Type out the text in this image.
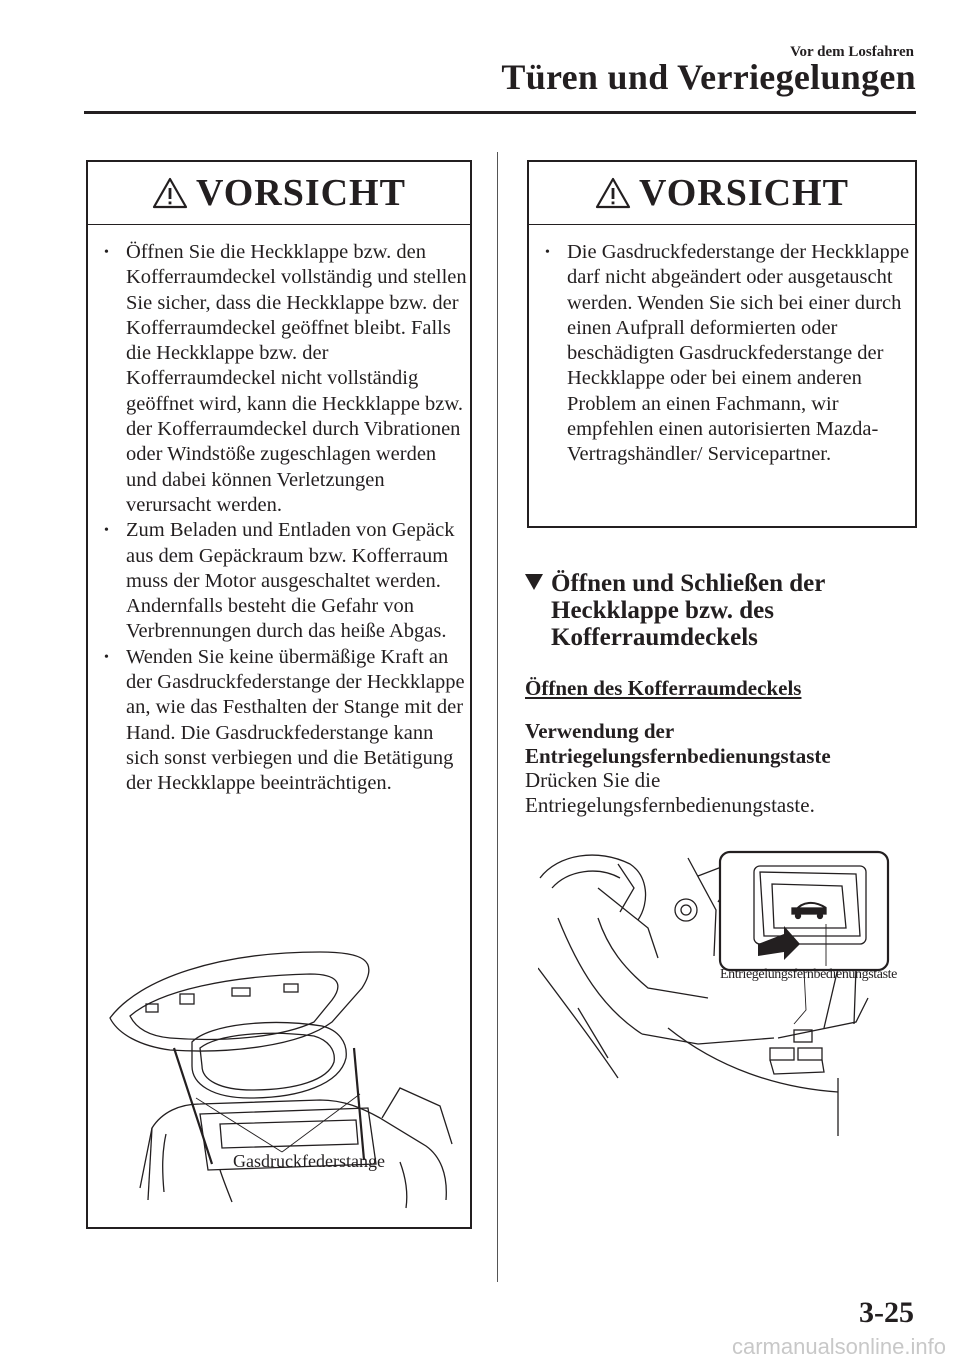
Vor dem Losfahren
Türen und Verriegelungen
VORSICHT
• Öffnen Sie die Heckklappe bzw. den Kofferraumdeckel vollständig und stellen Sie sicher, dass die Heckklappe bzw. der Kofferraumdeckel geöffnet bleibt. Falls die Heckklappe bzw. der Kofferraumdeckel nicht vollständig geöffnet wird, kann die Heckklappe bzw. der Kofferraumdeckel durch Vibrationen oder Windstöße zugeschlagen werden und dabei können Verletzungen verursacht werden.
• Zum Beladen und Entladen von Gepäck aus dem Gepäckraum bzw. Kofferraum muss der Motor ausgeschaltet werden. Andernfalls besteht die Gefahr von Verbrennungen durch das heiße Abgas.
• Wenden Sie keine übermäßige Kraft an der Gasdruckfederstange der Heckklappe an, wie das Festhalten der Stange mit der Hand. Die Gasdruckfederstange kann sich sonst verbiegen und die Betätigung der Heckklappe beeinträchtigen.
Gasdruckfederstange
VORSICHT
• Die Gasdruckfederstange der Heckklappe darf nicht abgeändert oder ausgetauscht werden. Wenden Sie sich bei einer durch einen Aufprall deformierten oder beschädigten Gasdruckfederstange der Heckklappe oder bei einem anderen Problem an einen Fachmann, wir empfehlen einen autorisierten Mazda-Vertragshändler/ Servicepartner.
Öffnen und Schließen der
Heckklappe bzw. des
Kofferraumdeckels
Öffnen des Kofferraumdeckels
Verwendung der
Entriegelungsfernbedienungstaste
Drücken Sie die
Entriegelungsfernbedienungstaste.
Entriegelungsfernbedienungstaste
3-25
carmanualsonline.info
